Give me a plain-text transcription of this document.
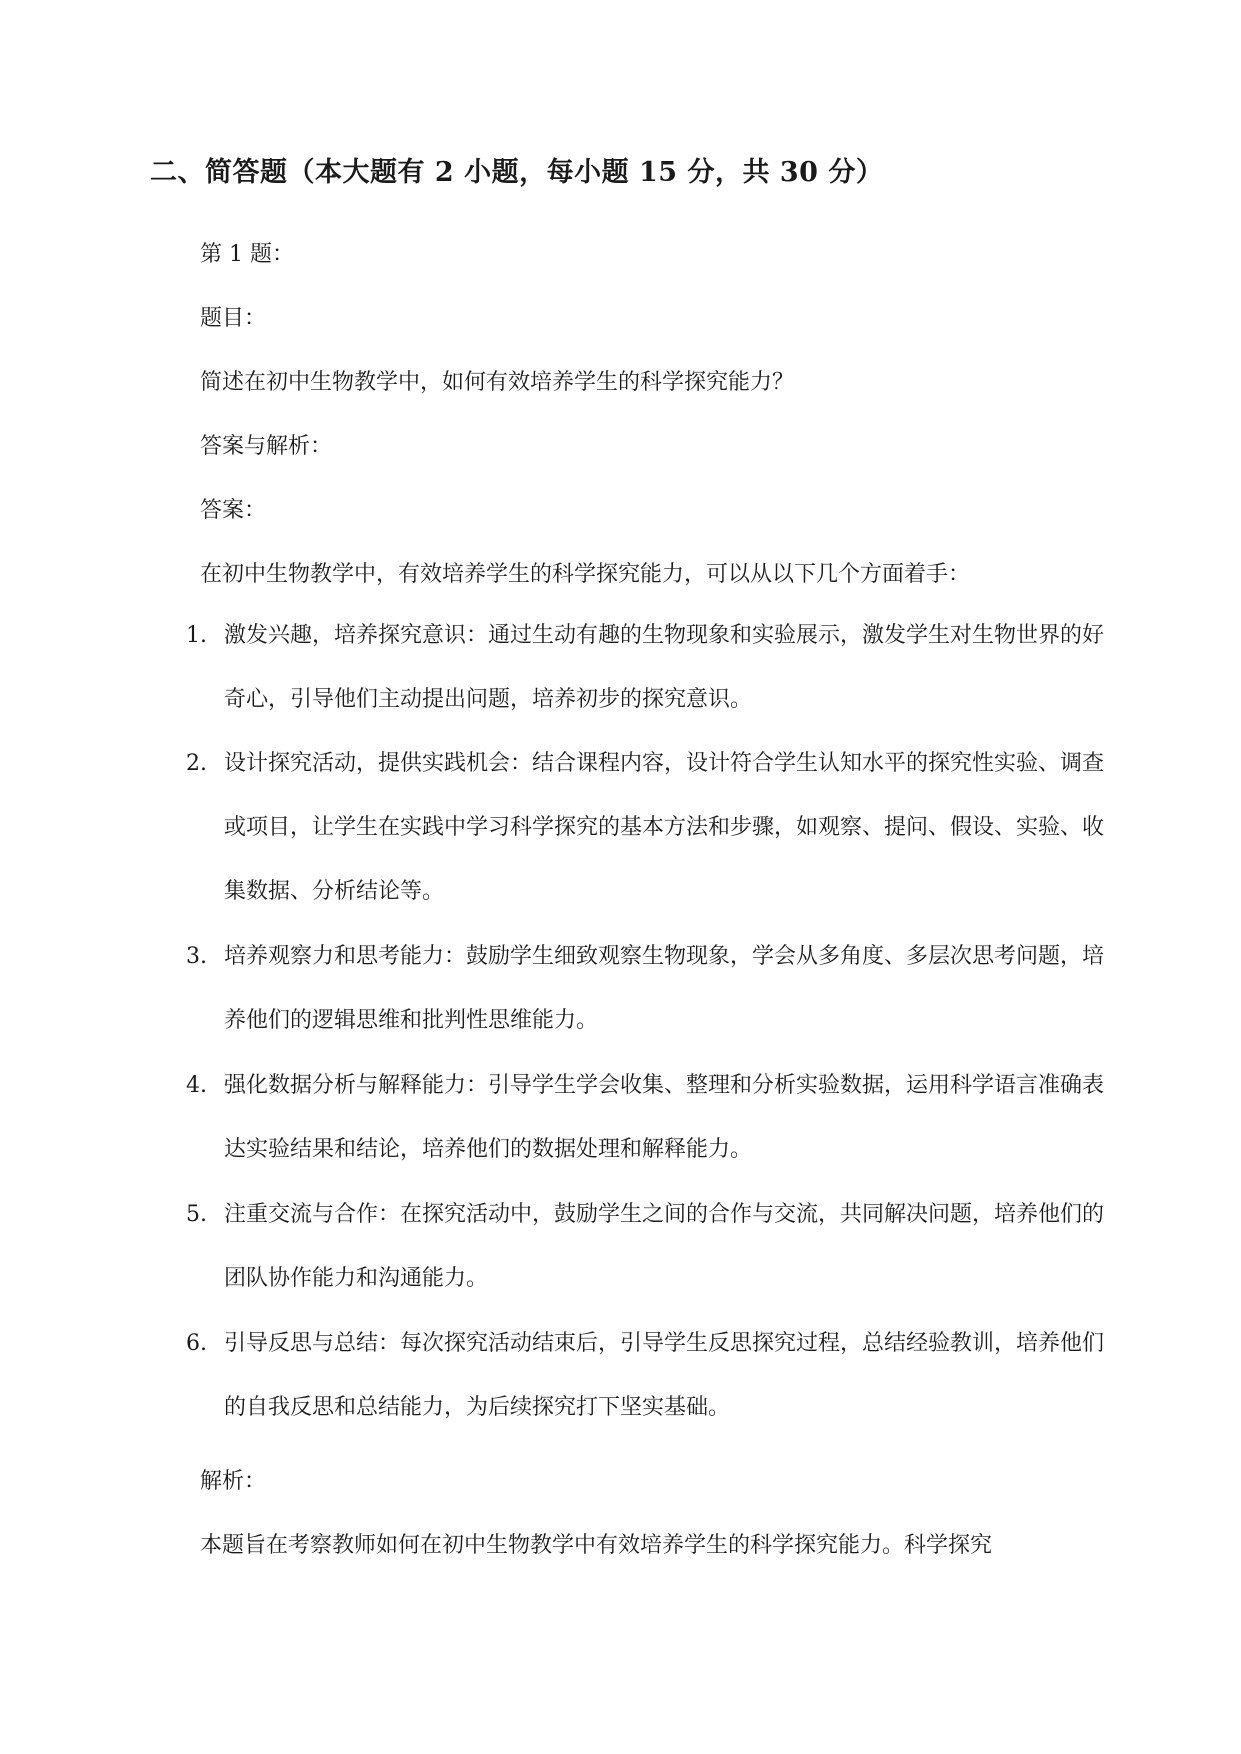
二、简答题（本大题有 2 小题，每小题 15 分，共 30 分）
第 1 题：
题目：
简述在初中生物教学中，如何有效培养学生的科学探究能力？
答案与解析：
答案：
在初中生物教学中，有效培养学生的科学探究能力，可以从以下几个方面着手：
1. 激发兴趣，培养探究意识：通过生动有趣的生物现象和实验展示，激发学生对生物世界的好奇心，引导他们主动提出问题，培养初步的探究意识。
2. 设计探究活动，提供实践机会：结合课程内容，设计符合学生认知水平的探究性实验、调查或项目，让学生在实践中学习科学探究的基本方法和步骤，如观察、提问、假设、实验、收集数据、分析结论等。
3. 培养观察力和思考能力：鼓励学生细致观察生物现象，学会从多角度、多层次思考问题，培养他们的逻辑思维和批判性思维能力。
4. 强化数据分析与解释能力：引导学生学会收集、整理和分析实验数据，运用科学语言准确表达实验结果和结论，培养他们的数据处理和解释能力。
5. 注重交流与合作：在探究活动中，鼓励学生之间的合作与交流，共同解决问题，培养他们的团队协作能力和沟通能力。
6. 引导反思与总结：每次探究活动结束后，引导学生反思探究过程，总结经验教训，培养他们的自我反思和总结能力，为后续探究打下坚实基础。
解析：
本题旨在考察教师如何在初中生物教学中有效培养学生的科学探究能力。科学探究
